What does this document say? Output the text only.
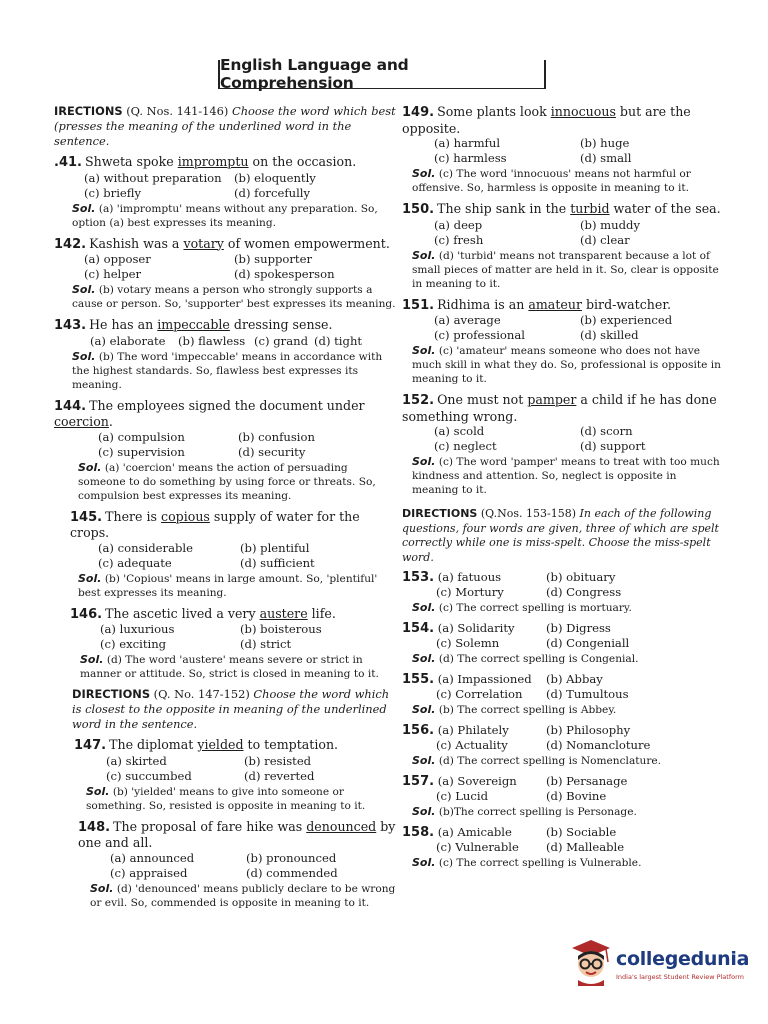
English Language and Comprehension
IRECTIONS (Q. Nos. 141-146) Choose the word which best (presses the meaning of the underlined word in the sentence.
.41. Shweta spoke impromptu on the occasion.
(a) without preparation	(b) eloquently
(c) briefly	(d) forcefully
Sol. (a) 'impromptu' means without any preparation. So, option (a) best expresses its meaning.
142. Kashish was a votary of women empowerment.
(a) opposer	(b) supporter
(c) helper	(d) spokesperson
Sol. (b) votary means a person who strongly supports a cause or person. So, 'supporter' best expresses its meaning.
143. He has an impeccable dressing sense.
(a) elaborate	(b) flawless (c) grand (d) tight
Sol. (b) The word 'impeccable' means in accordance with the highest standards. So, flawless best expresses its meaning.
144. The employees signed the document under coercion.
(a) compulsion	(b) confusion
(c) supervision	(d) security
Sol. (a) 'coercion' means the action of persuading someone to do something by using force or threats. So, compulsion best expresses its meaning.
145. There is copious supply of water for the crops.
(a) considerable	(b) plentiful
(c) adequate	(d) sufficient
Sol. (b) 'Copious' means in large amount. So, 'plentiful' best expresses its meaning.
146. The ascetic lived a very austere life.
(a) luxurious	(b) boisterous
(c) exciting	(d) strict
Sol. (d) The word 'austere' means severe or strict in manner or attitude. So, strict is closed in meaning to it.
DIRECTIONS (Q. No. 147-152) Choose the word which is closest to the opposite in meaning of the underlined word in the sentence.
147. The diplomat yielded to temptation.
(a) skirted	(b) resisted
(c) succumbed	(d) reverted
Sol. (b) 'yielded' means to give into someone or something. So, resisted is opposite in meaning to it.
148. The proposal of fare hike was denounced by one and all.
(a) announced	(b) pronounced
(c) appraised	(d) commended
Sol. (d) 'denounced' means publicly declare to be wrong or evil. So, commended is opposite in meaning to it.
149. Some plants look innocuous but are the opposite.
(a) harmful	(b) huge
(c) harmless	(d) small
Sol. (c) The word 'innocuous' means not harmful or offensive. So, harmless is opposite in meaning to it.
150. The ship sank in the turbid water of the sea.
(a) deep	(b) muddy
(c) fresh	(d) clear
Sol. (d) 'turbid' means not transparent because a lot of small pieces of matter are held in it. So, clear is opposite in meaning to it.
151. Ridhima is an amateur bird-watcher.
(a) average	(b) experienced
(c) professional	(d) skilled
Sol. (c) 'amateur' means someone who does not have much skill in what they do. So, professional is opposite in meaning to it.
152. One must not pamper a child if he has done something wrong.
(a) scold	(d) scorn
(c) neglect	(d) support
Sol. (c) The word 'pamper' means to treat with too much kindness and attention. So, neglect is opposite in meaning to it.
DIRECTIONS (Q.Nos. 153-158) In each of the following questions, four words are given, three of which are spelt correctly while one is miss-spelt. Choose the miss-spelt word.
153. (a) fatuous	(b) obituary
(c) Mortury	(d) Congress
Sol. (c) The correct spelling is mortuary.
154. (a) Solidarity	(b) Digress
(c) Solemn	(d) Congeniall
Sol. (d) The correct spelling is Congenial.
155. (a) Impassioned	(b) Abbay
(c) Correlation	(d) Tumultous
Sol. (b) The correct spelling is Abbey.
156. (a) Philately	(b) Philosophy
(c) Actuality	(d) Nomancloture
Sol. (d) The correct spelling is Nomenclature.
157. (a) Sovereign	(b) Persanage
(c) Lucid	(d) Bovine
Sol. (b)The correct spelling is Personage.
158. (a) Amicable	(b) Sociable
(c) Vulnerable	(d) Malleable
Sol. (c) The correct spelling is Vulnerable.
collegedunia
India's largest Student Review Platform
